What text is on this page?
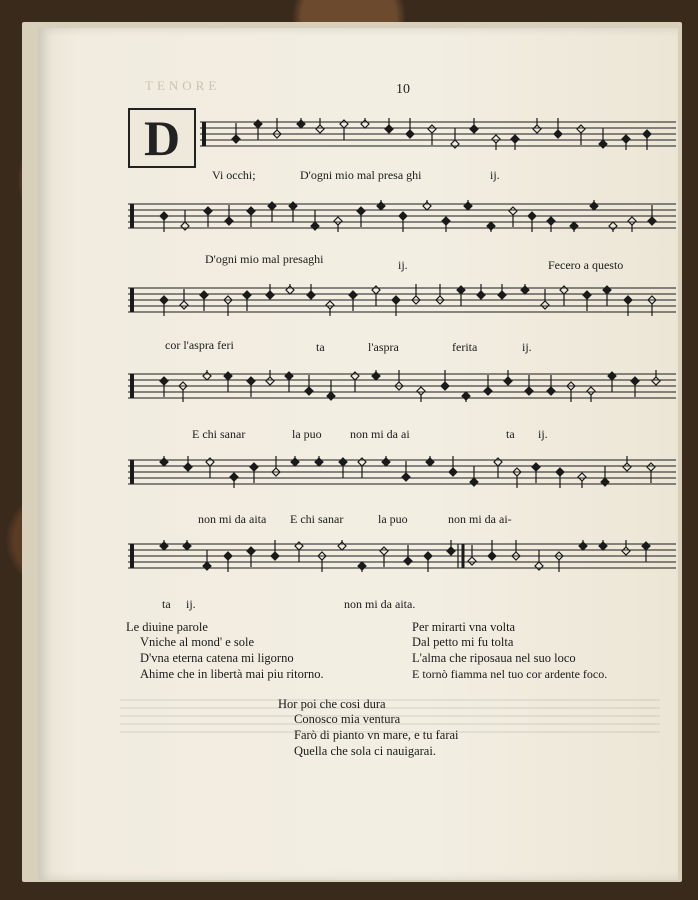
TENORE	10
D
Vi occhi;	D'ogni mio mal presa ghi	ij.
D'ogni mio mal presaghi	ij.	Fecero a questo
cor l'aspra feri	ta	l'aspra	ferita	ij.
E chi sanar	la puo non mi da ai	ta ij.
non mi da aita E chi sanar	la puo	non mi da ai-
ta ij.	non mi da aita.
Le diuine parole
Vniche al mond' e sole
D'vna eterna catena mi ligorno
Ahime che in libertà mai piu ritorno.
Per mirarti vna volta
Dal petto mi fu tolta
L'alma che riposaua nel suo loco
E tornò fiamma nel tuo cor ardente foco.
Hor poi che cosi dura
Conosco mia ventura
Farò di pianto vn mare, e tu farai
Quella che sola ci nauigarai.
